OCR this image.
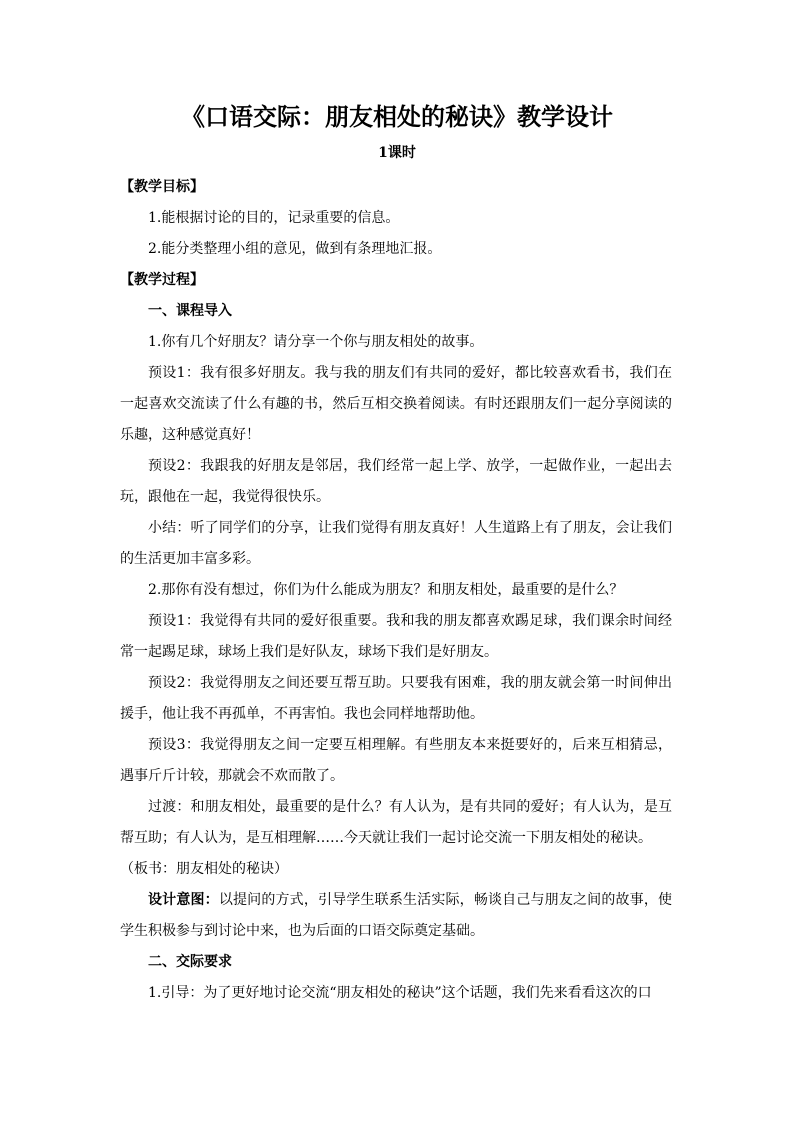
《口语交际：朋友相处的秘诀》教学设计
1课时

【教学目标】

1.能根据讨论的目的，记录重要的信息。

2.能分类整理小组的意见，做到有条理地汇报。

【教学过程】

一、课程导入

1.你有几个好朋友？请分享一个你与朋友相处的故事。

预设1：我有很多好朋友。我与我的朋友们有共同的爱好，都比较喜欢看书，我们在一起喜欢交流读了什么有趣的书，然后互相交换着阅读。有时还跟朋友们一起分享阅读的乐趣，这种感觉真好！

预设2：我跟我的好朋友是邻居，我们经常一起上学、放学，一起做作业，一起出去玩，跟他在一起，我觉得很快乐。

小结：听了同学们的分享，让我们觉得有朋友真好！人生道路上有了朋友，会让我们的生活更加丰富多彩。

2.那你有没有想过，你们为什么能成为朋友？和朋友相处，最重要的是什么？

预设1：我觉得有共同的爱好很重要。我和我的朋友都喜欢踢足球，我们课余时间经常一起踢足球，球场上我们是好队友，球场下我们是好朋友。

预设2：我觉得朋友之间还要互帮互助。只要我有困难，我的朋友就会第一时间伸出援手，他让我不再孤单，不再害怕。我也会同样地帮助他。

预设3：我觉得朋友之间一定要互相理解。有些朋友本来挺要好的，后来互相猜忌，遇事斤斤计较，那就会不欢而散了。

过渡：和朋友相处，最重要的是什么？有人认为，是有共同的爱好；有人认为，是互帮互助；有人认为，是互相理解……今天就让我们一起讨论交流一下朋友相处的秘诀。

（板书：朋友相处的秘诀）

设计意图：以提问的方式，引导学生联系生活实际，畅谈自己与朋友之间的故事，使学生积极参与到讨论中来，也为后面的口语交际奠定基础。

二、交际要求

1.引导：为了更好地讨论交流“朋友相处的秘诀”这个话题，我们先来看看这次的口
